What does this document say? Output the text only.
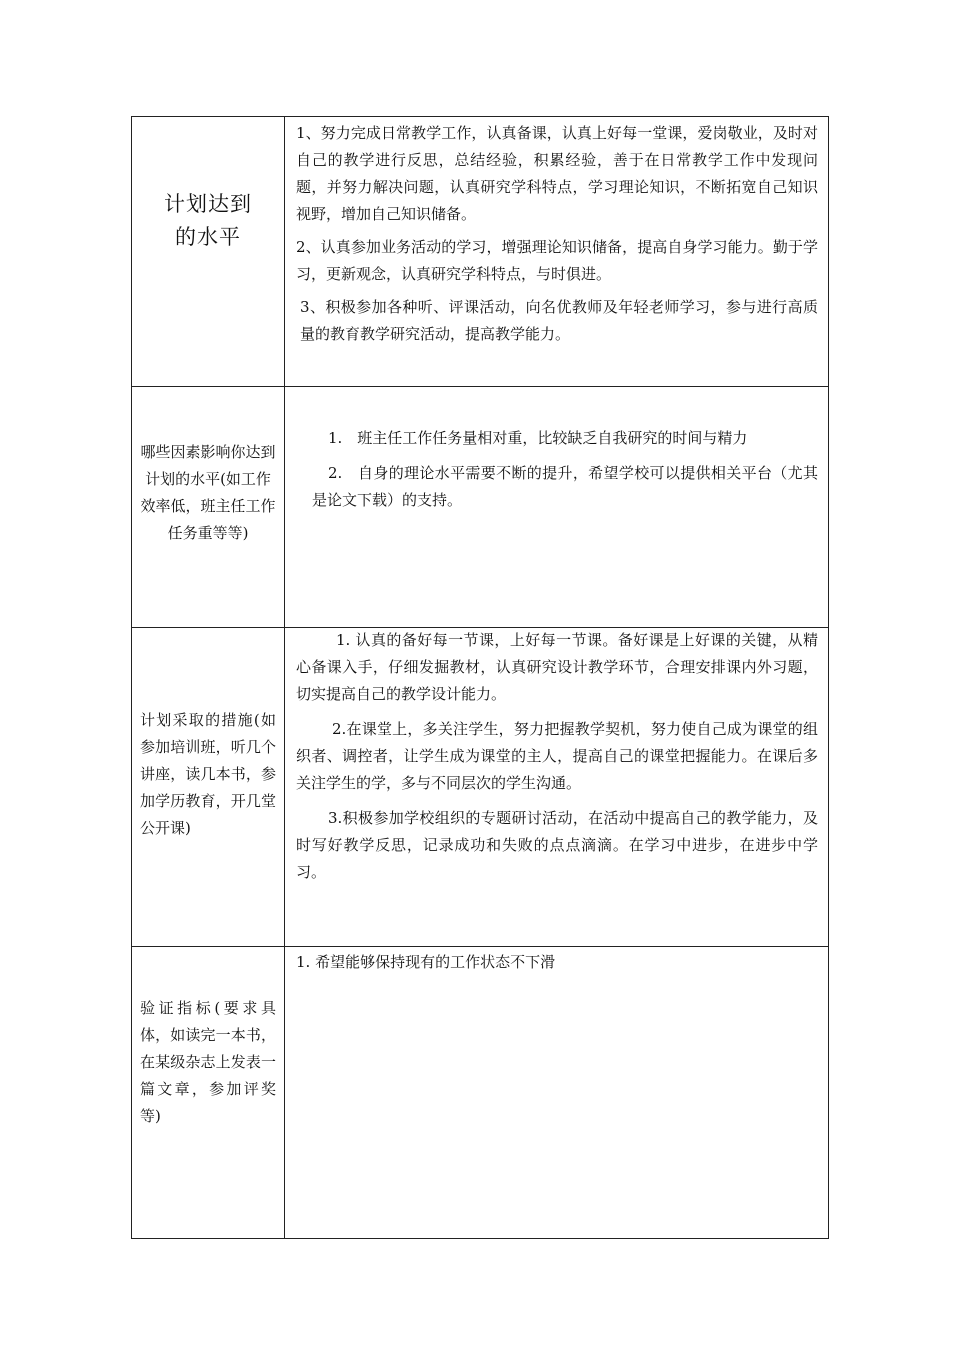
计划达到
的水平

1、努力完成日常教学工作，认真备课，认真上好每一堂课，爱岗敬业，及时对自己的教学进行反思，总结经验，积累经验，善于在日常教学工作中发现问题，并努力解决问题，认真研究学科特点，学习理论知识，不断拓宽自己知识视野，增加自己知识储备。

2、认真参加业务活动的学习，增强理论知识储备，提高自身学习能力。勤于学习，更新观念，认真研究学科特点，与时俱进。

3、积极参加各种听、评课活动，向名优教师及年轻老师学习，参与进行高质量的教育教学研究活动，提高教学能力。

哪些因素影响你达到计划的水平(如工作效率低，班主任工作任务重等等)

1.　班主任工作任务量相对重，比较缺乏自我研究的时间与精力

2.　自身的理论水平需要不断的提升，希望学校可以提供相关平台（尤其是论文下载）的支持。

计划采取的措施(如参加培训班，听几个讲座，读几本书，参加学历教育，开几堂公开课)

1. 认真的备好每一节课，上好每一节课。备好课是上好课的关键，从精心备课入手，仔细发掘教材，认真研究设计教学环节，合理安排课内外习题，切实提高自己的教学设计能力。

2.在课堂上，多关注学生，努力把握教学契机，努力使自己成为课堂的组织者、调控者，让学生成为课堂的主人，提高自己的课堂把握能力。在课后多关注学生的学，多与不同层次的学生沟通。

3.积极参加学校组织的专题研讨活动，在活动中提高自己的教学能力，及时写好教学反思，记录成功和失败的点点滴滴。在学习中进步，在进步中学习。

验证指标(要求具体，如读完一本书，在某级杂志上发表一篇文章，参加评奖等)

1. 希望能够保持现有的工作状态不下滑
